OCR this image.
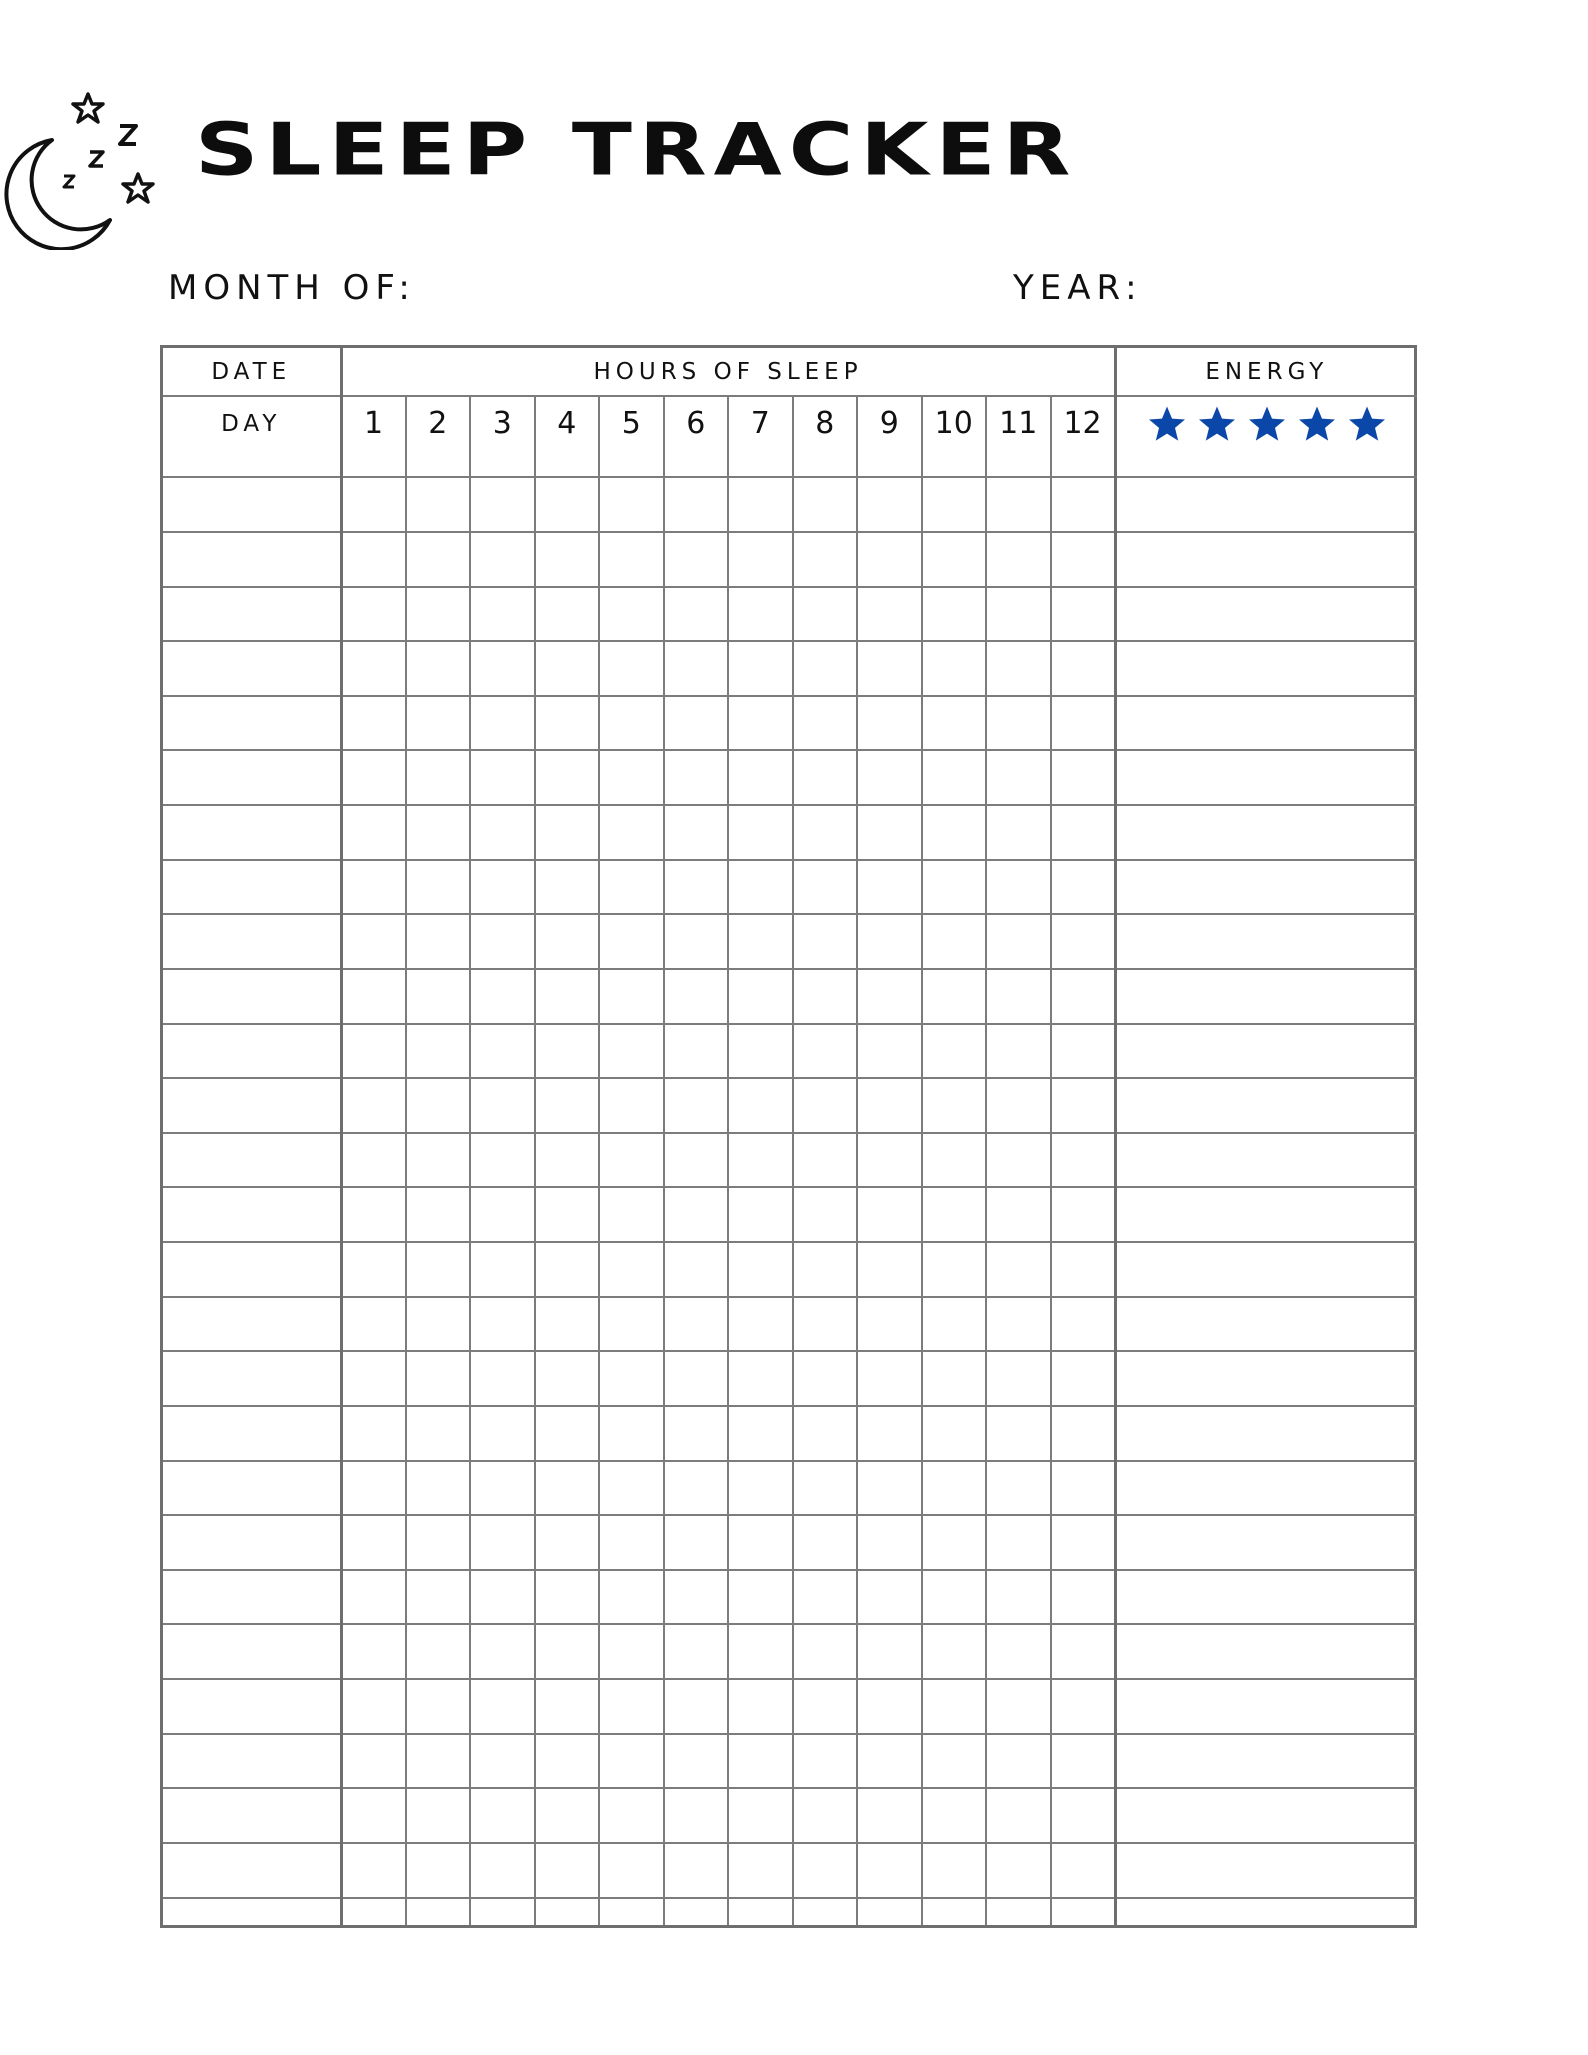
SLEEP TRACKER
MONTH OF:	YEAR:
DATE	HOURS OF SLEEP												ENERGY
DAY	1	2	3	4	5	6	7	8	9	10	11	12	
